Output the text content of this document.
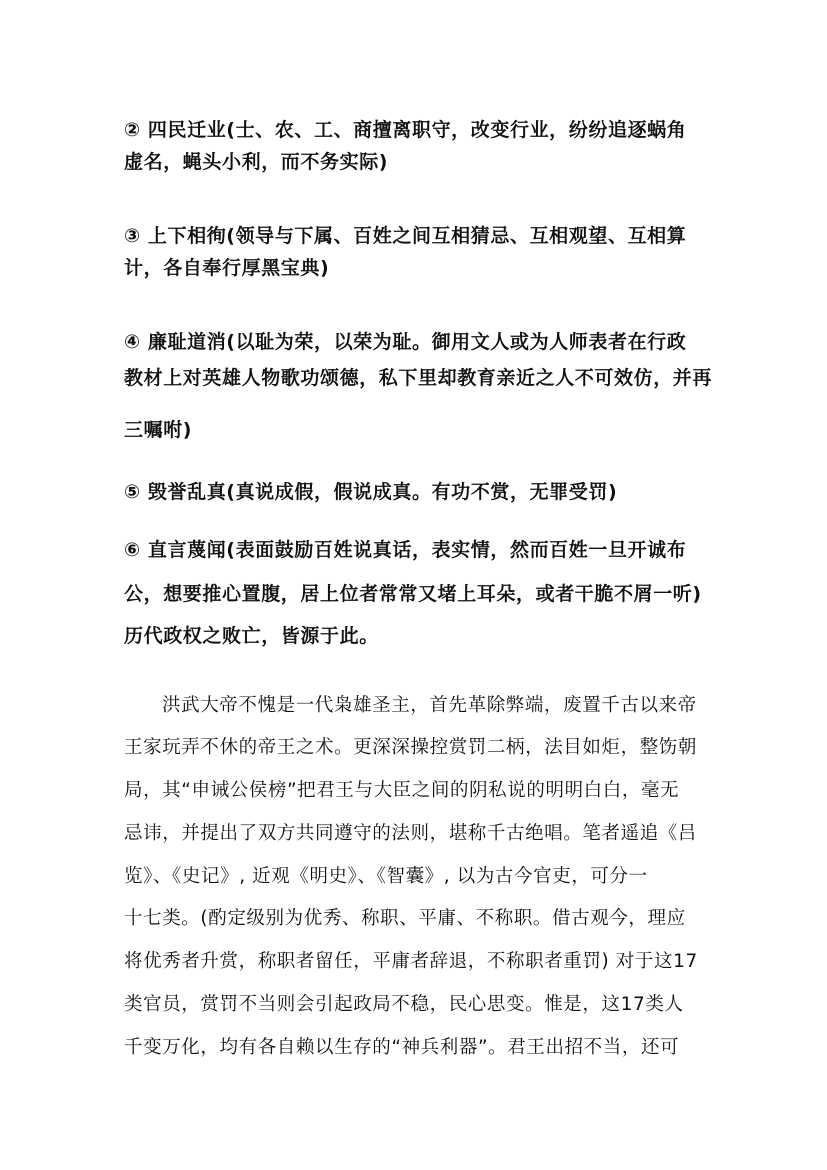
② 四民迁业(士、农、工、商擅离职守，改变行业，纷纷追逐蜗角
虚名，蝇头小利，而不务实际)
③ 上下相徇(领导与下属、百姓之间互相猜忌、互相观望、互相算
计，各自奉行厚黑宝典)
④ 廉耻道消(以耻为荣，以荣为耻。御用文人或为人师表者在行政
教材上对英雄人物歌功颂德，私下里却教育亲近之人不可效仿，并再
三嘱咐)
⑤ 毁誉乱真(真说成假，假说成真。有功不赏，无罪受罚)
⑥ 直言蔑闻(表面鼓励百姓说真话，表实情，然而百姓一旦开诚布
公，想要推心置腹，居上位者常常又堵上耳朵，或者干脆不屑一听)
历代政权之败亡，皆源于此。
洪武大帝不愧是一代枭雄圣主，首先革除弊端，废置千古以来帝
王家玩弄不休的帝王之术。更深深操控赏罚二柄，法目如炬，整饬朝
局，其“申诫公侯榜”把君王与大臣之间的阴私说的明明白白，毫无
忌讳，并提出了双方共同遵守的法则，堪称千古绝唱。笔者遥追《吕
览》、《史记》, 近观《明史》、《智囊》, 以为古今官吏，可分一
十七类。(酌定级别为优秀、称职、平庸、不称职。借古观今，理应
将优秀者升赏，称职者留任，平庸者辞退，不称职者重罚) 对于这17
类官员，赏罚不当则会引起政局不稳，民心思变。惟是，这17类人
千变万化，均有各自赖以生存的“神兵利器”。君王出招不当，还可
